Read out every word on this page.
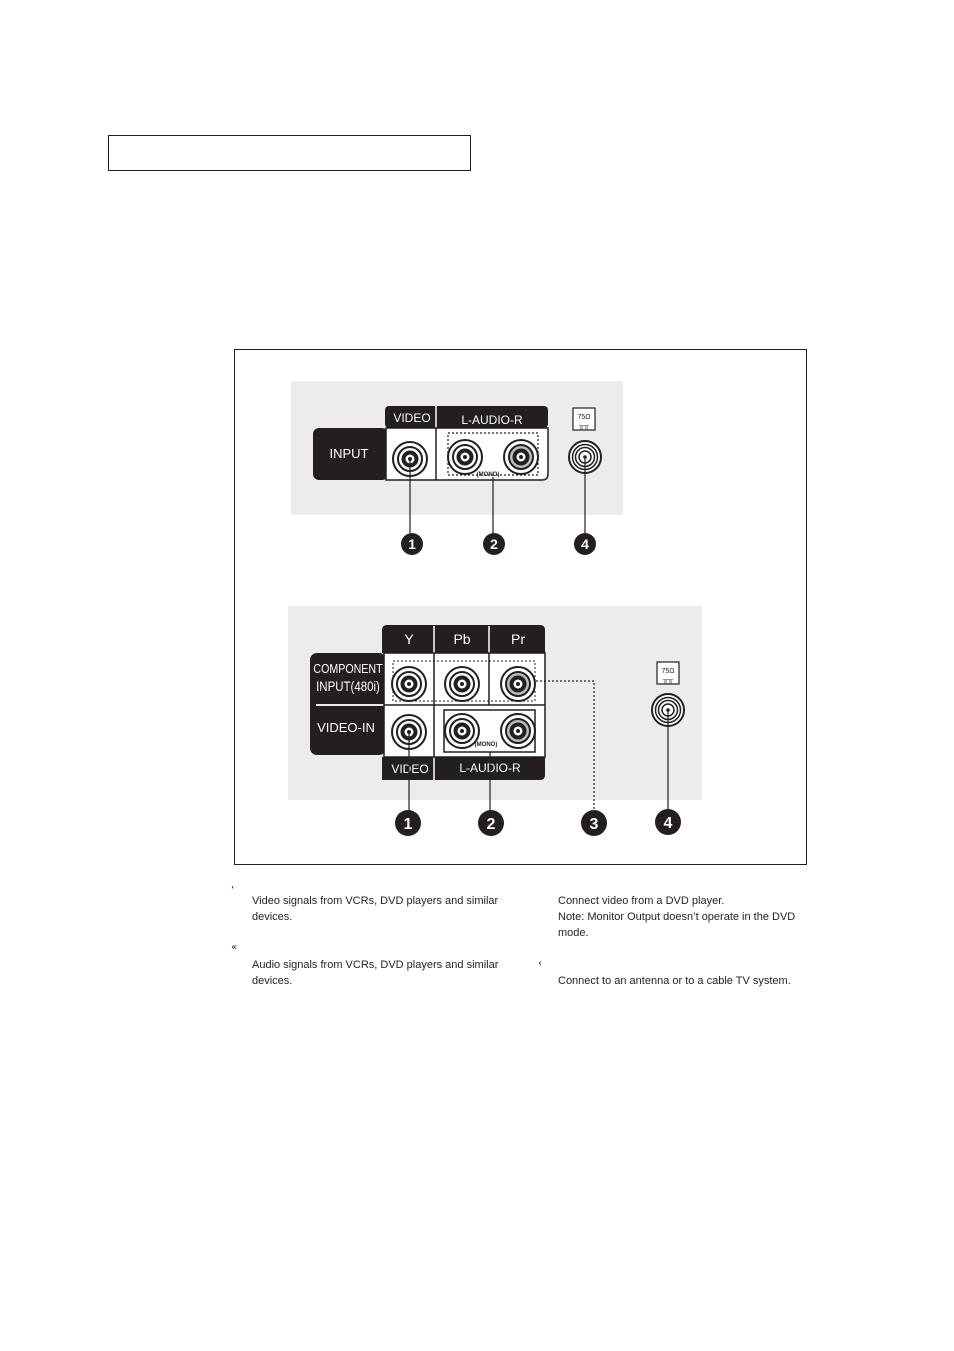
INPUT
VIDEO	L-AUDIO-R
(MONO)
75Ω
╥╥
1	2	4
COMPONENT
INPUT(480i)
VIDEO-IN
Y	Pb	Pr
VIDEO	L-AUDIO-R
(MONO)
75Ω
╥╥
1	2	3	4
‘
Video signals from VCRs, DVD players and similar
devices.
«
Audio signals from VCRs, DVD players and similar
devices.
Connect video from a DVD player.
Note: Monitor Output doesn’t operate in the DVD
mode.
‹
Connect to an antenna or to a cable TV system.
